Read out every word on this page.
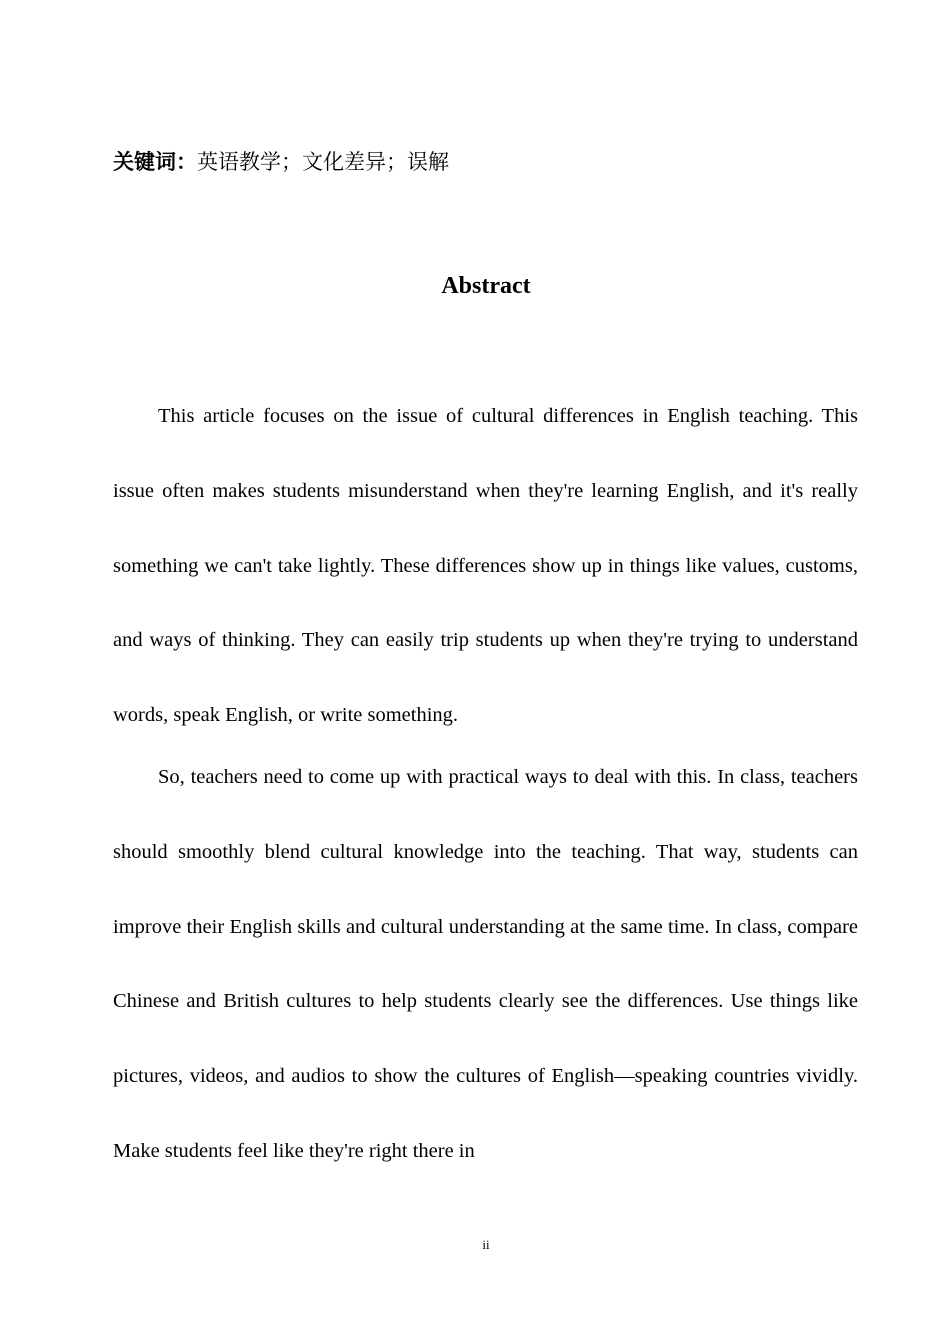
关键词：英语教学；文化差异；误解
Abstract

This article focuses on the issue of cultural differences in English teaching. This issue often makes students misunderstand when they're learning English, and it's really something we can't take lightly. These differences show up in things like values, customs, and ways of thinking. They can easily trip students up when they're trying to understand words, speak English, or write something.

So, teachers need to come up with practical ways to deal with this. In class, teachers should smoothly blend cultural knowledge into the teaching. That way, students can improve their English skills and cultural understanding at the same time. In class, compare Chinese and British cultures to help students clearly see the differences. Use things like pictures, videos, and audios to show the cultures of English—speaking countries vividly. Make students feel like they're right there in

ii
